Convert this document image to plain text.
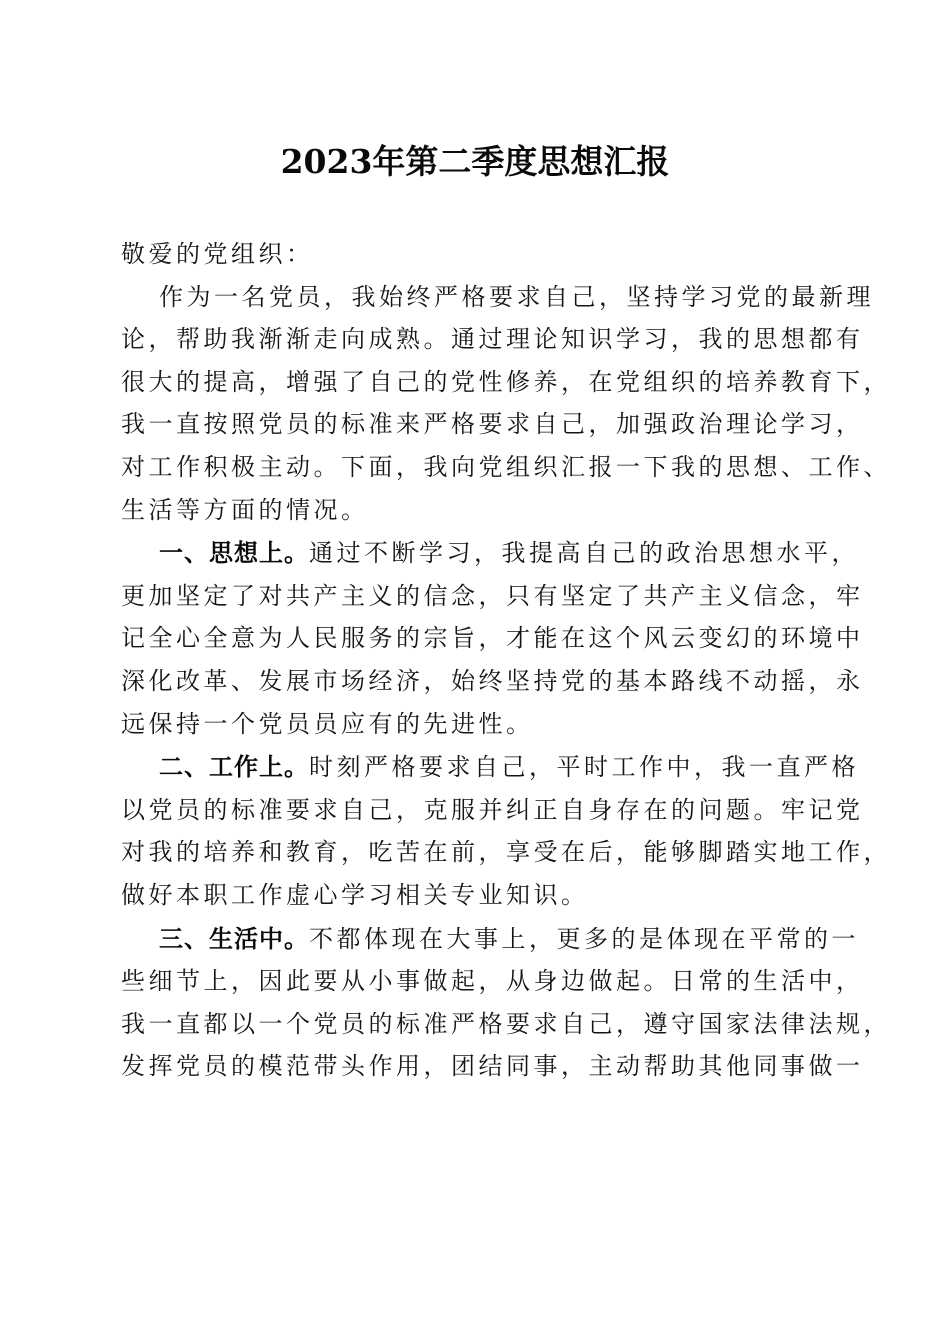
2023年第二季度思想汇报
敬爱的党组织：
作为一名党员，我始终严格要求自己，坚持学习党的最新理
论，帮助我渐渐走向成熟。通过理论知识学习，我的思想都有
很大的提高，增强了自己的党性修养，在党组织的培养教育下，
我一直按照党员的标准来严格要求自己，加强政治理论学习，
对工作积极主动。下面，我向党组织汇报一下我的思想、工作、
生活等方面的情况。
一、思想上。通过不断学习，我提高自己的政治思想水平，
更加坚定了对共产主义的信念，只有坚定了共产主义信念，牢
记全心全意为人民服务的宗旨，才能在这个风云变幻的环境中
深化改革、发展市场经济，始终坚持党的基本路线不动摇，永
远保持一个党员员应有的先进性。
二、工作上。时刻严格要求自己，平时工作中，我一直严格
以党员的标准要求自己，克服并纠正自身存在的问题。牢记党
对我的培养和教育，吃苦在前，享受在后，能够脚踏实地工作，
做好本职工作虚心学习相关专业知识。
三、生活中。不都体现在大事上，更多的是体现在平常的一
些细节上，因此要从小事做起，从身边做起。日常的生活中，
我一直都以一个党员的标准严格要求自己，遵守国家法律法规，
发挥党员的模范带头作用，团结同事，主动帮助其他同事做一
